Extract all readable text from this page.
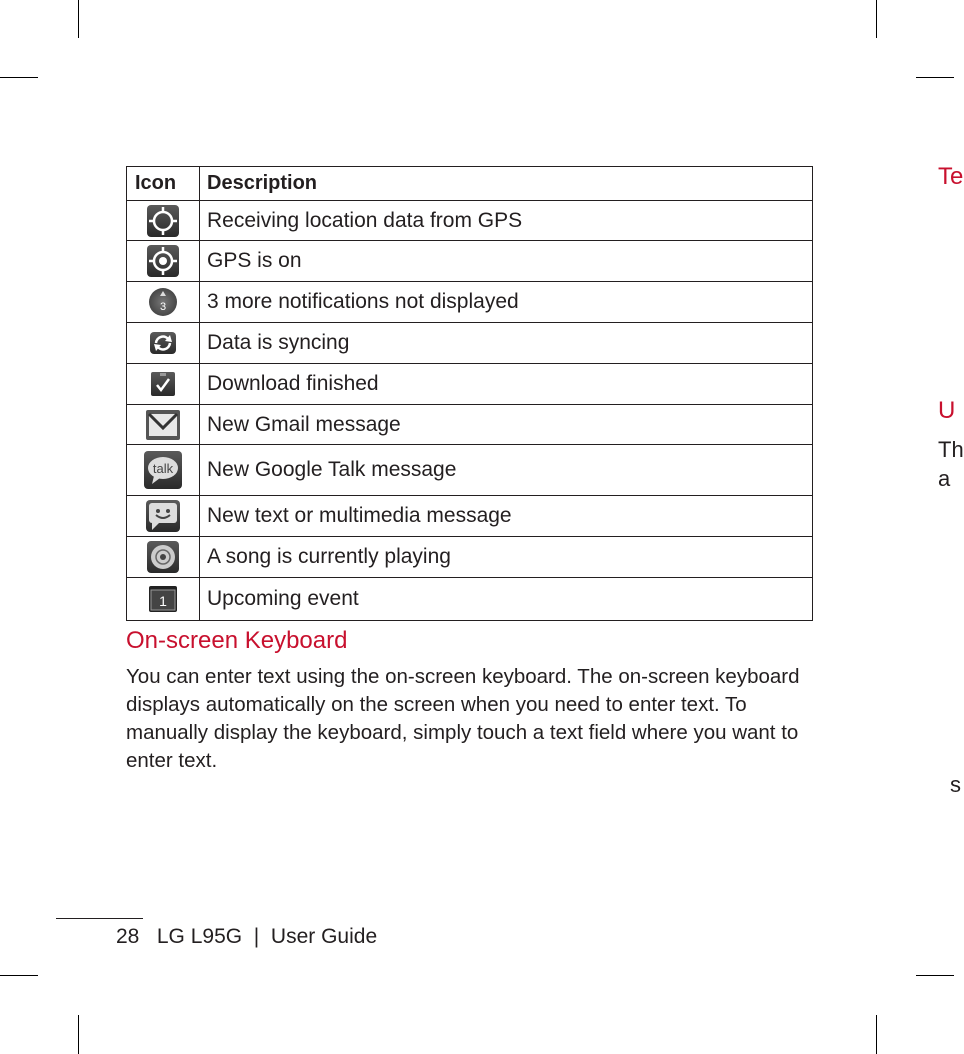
Icon	Description

	Receiving location data from GPS

	GPS is on

3	3 more notifications not displayed

	Data is syncing

	Download finished

	New Gmail message

talk	New Google Talk message

	New text or multimedia message

	A song is currently playing

1	Upcoming event
On-screen Keyboard
You can enter text using the on-screen keyboard. The on-screen keyboard displays automatically on the screen when you need to enter text. To manually display the keyboard, simply touch a text field where you want to enter text.
28 LG L95G | User Guide
Te
U
Th
a
s
